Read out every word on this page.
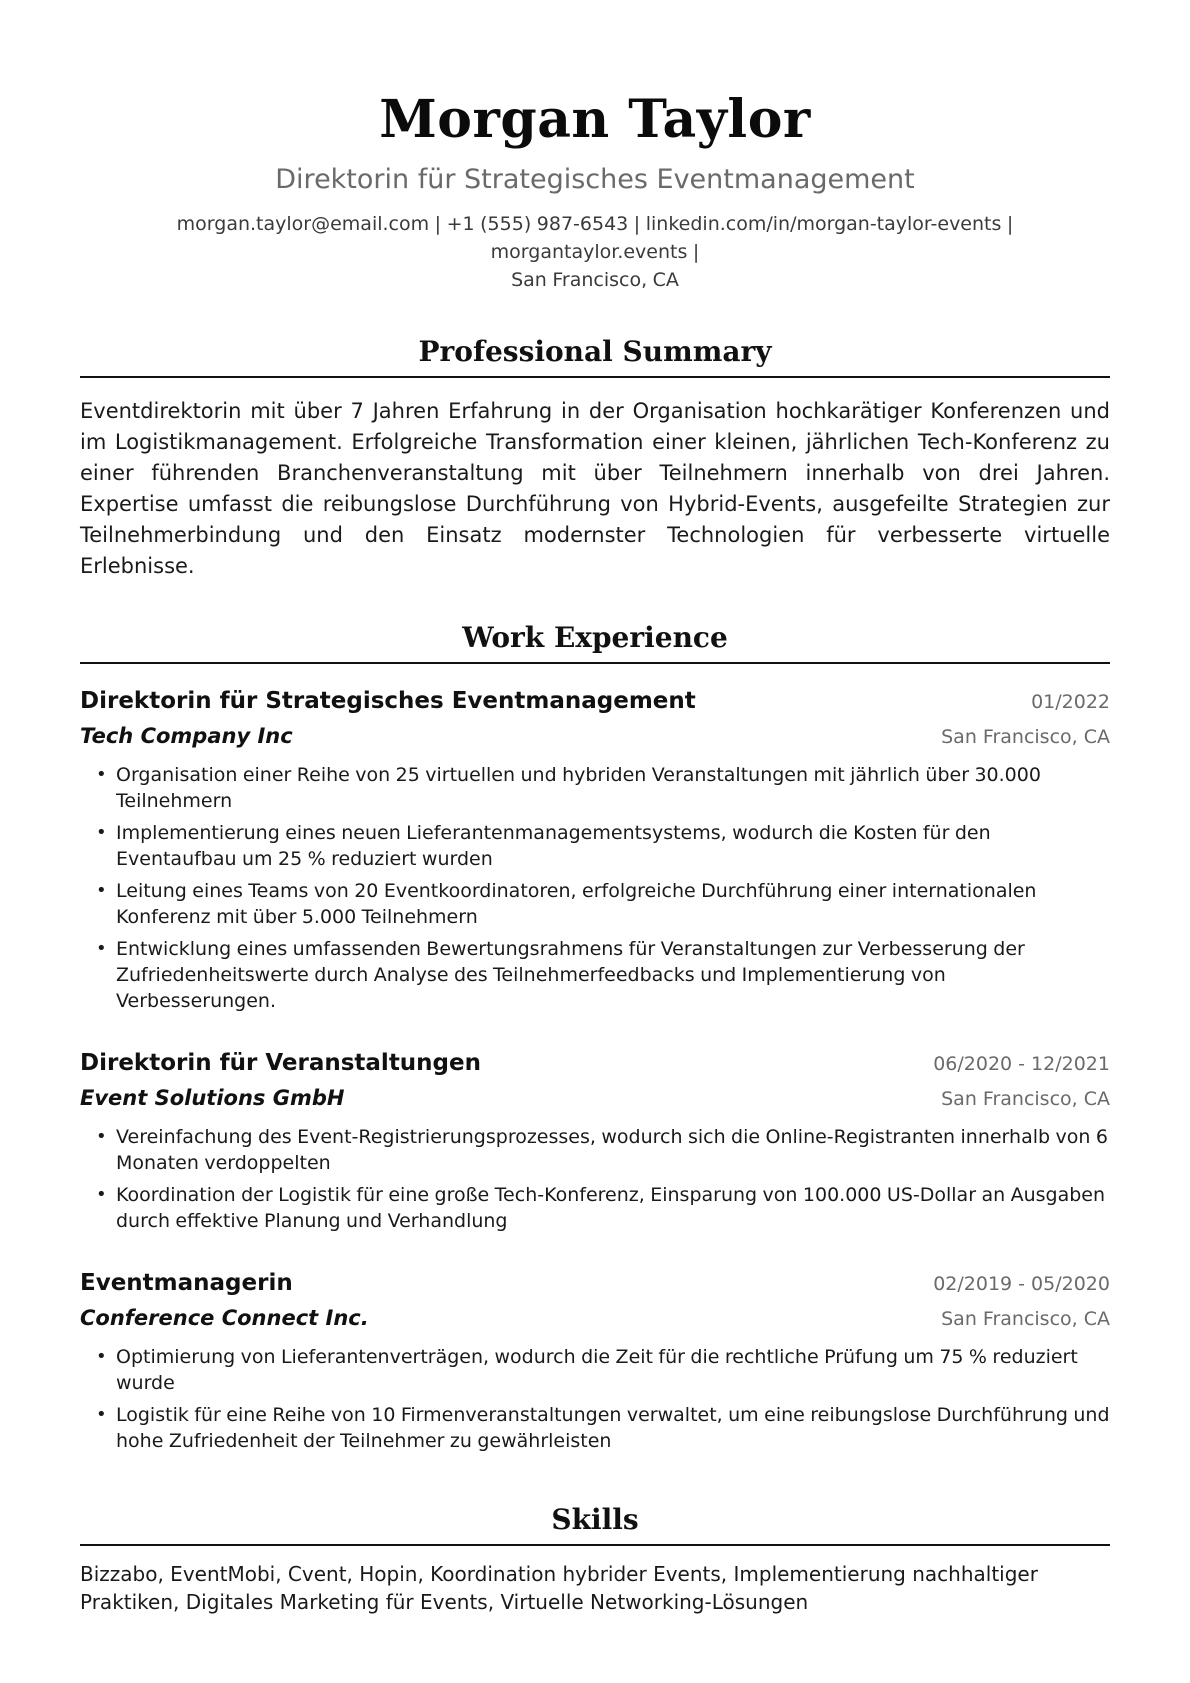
Morgan Taylor
Direktorin für Strategisches Eventmanagement
morgan.taylor@email.com | +1 (555) 987-6543 | linkedin.com/in/morgan-taylor-events | morgantaylor.events |
San Francisco, CA
Professional Summary
Eventdirektorin mit über 7 Jahren Erfahrung in der Organisation hochkarätiger Konferenzen und im Logistikmanagement. Erfolgreiche Transformation einer kleinen, jährlichen Tech-Konferenz zu einer führenden Branchenveranstaltung mit über Teilnehmern innerhalb von drei Jahren. Expertise umfasst die reibungslose Durchführung von Hybrid-Events, ausgefeilte Strategien zur Teilnehmerbindung und den Einsatz modernster Technologien für verbesserte virtuelle Erlebnisse.
Work Experience
Direktorin für Strategisches Eventmanagement	01/2022
Tech Company Inc	San Francisco, CA
• Organisation einer Reihe von 25 virtuellen und hybriden Veranstaltungen mit jährlich über 30.000 Teilnehmern
• Implementierung eines neuen Lieferantenmanagementsystems, wodurch die Kosten für den Eventaufbau um 25 % reduziert wurden
• Leitung eines Teams von 20 Eventkoordinatoren, erfolgreiche Durchführung einer internationalen Konferenz mit über 5.000 Teilnehmern
• Entwicklung eines umfassenden Bewertungsrahmens für Veranstaltungen zur Verbesserung der Zufriedenheitswerte durch Analyse des Teilnehmerfeedbacks und Implementierung von Verbesserungen.
Direktorin für Veranstaltungen	06/2020 - 12/2021
Event Solutions GmbH	San Francisco, CA
• Vereinfachung des Event-Registrierungsprozesses, wodurch sich die Online-Registranten innerhalb von 6 Monaten verdoppelten
• Koordination der Logistik für eine große Tech-Konferenz, Einsparung von 100.000 US-Dollar an Ausgaben durch effektive Planung und Verhandlung
Eventmanagerin	02/2019 - 05/2020
Conference Connect Inc.	San Francisco, CA
• Optimierung von Lieferantenverträgen, wodurch die Zeit für die rechtliche Prüfung um 75 % reduziert wurde
• Logistik für eine Reihe von 10 Firmenveranstaltungen verwaltet, um eine reibungslose Durchführung und hohe Zufriedenheit der Teilnehmer zu gewährleisten
Skills
Bizzabo, EventMobi, Cvent, Hopin, Koordination hybrider Events, Implementierung nachhaltiger Praktiken, Digitales Marketing für Events, Virtuelle Networking-Lösungen
